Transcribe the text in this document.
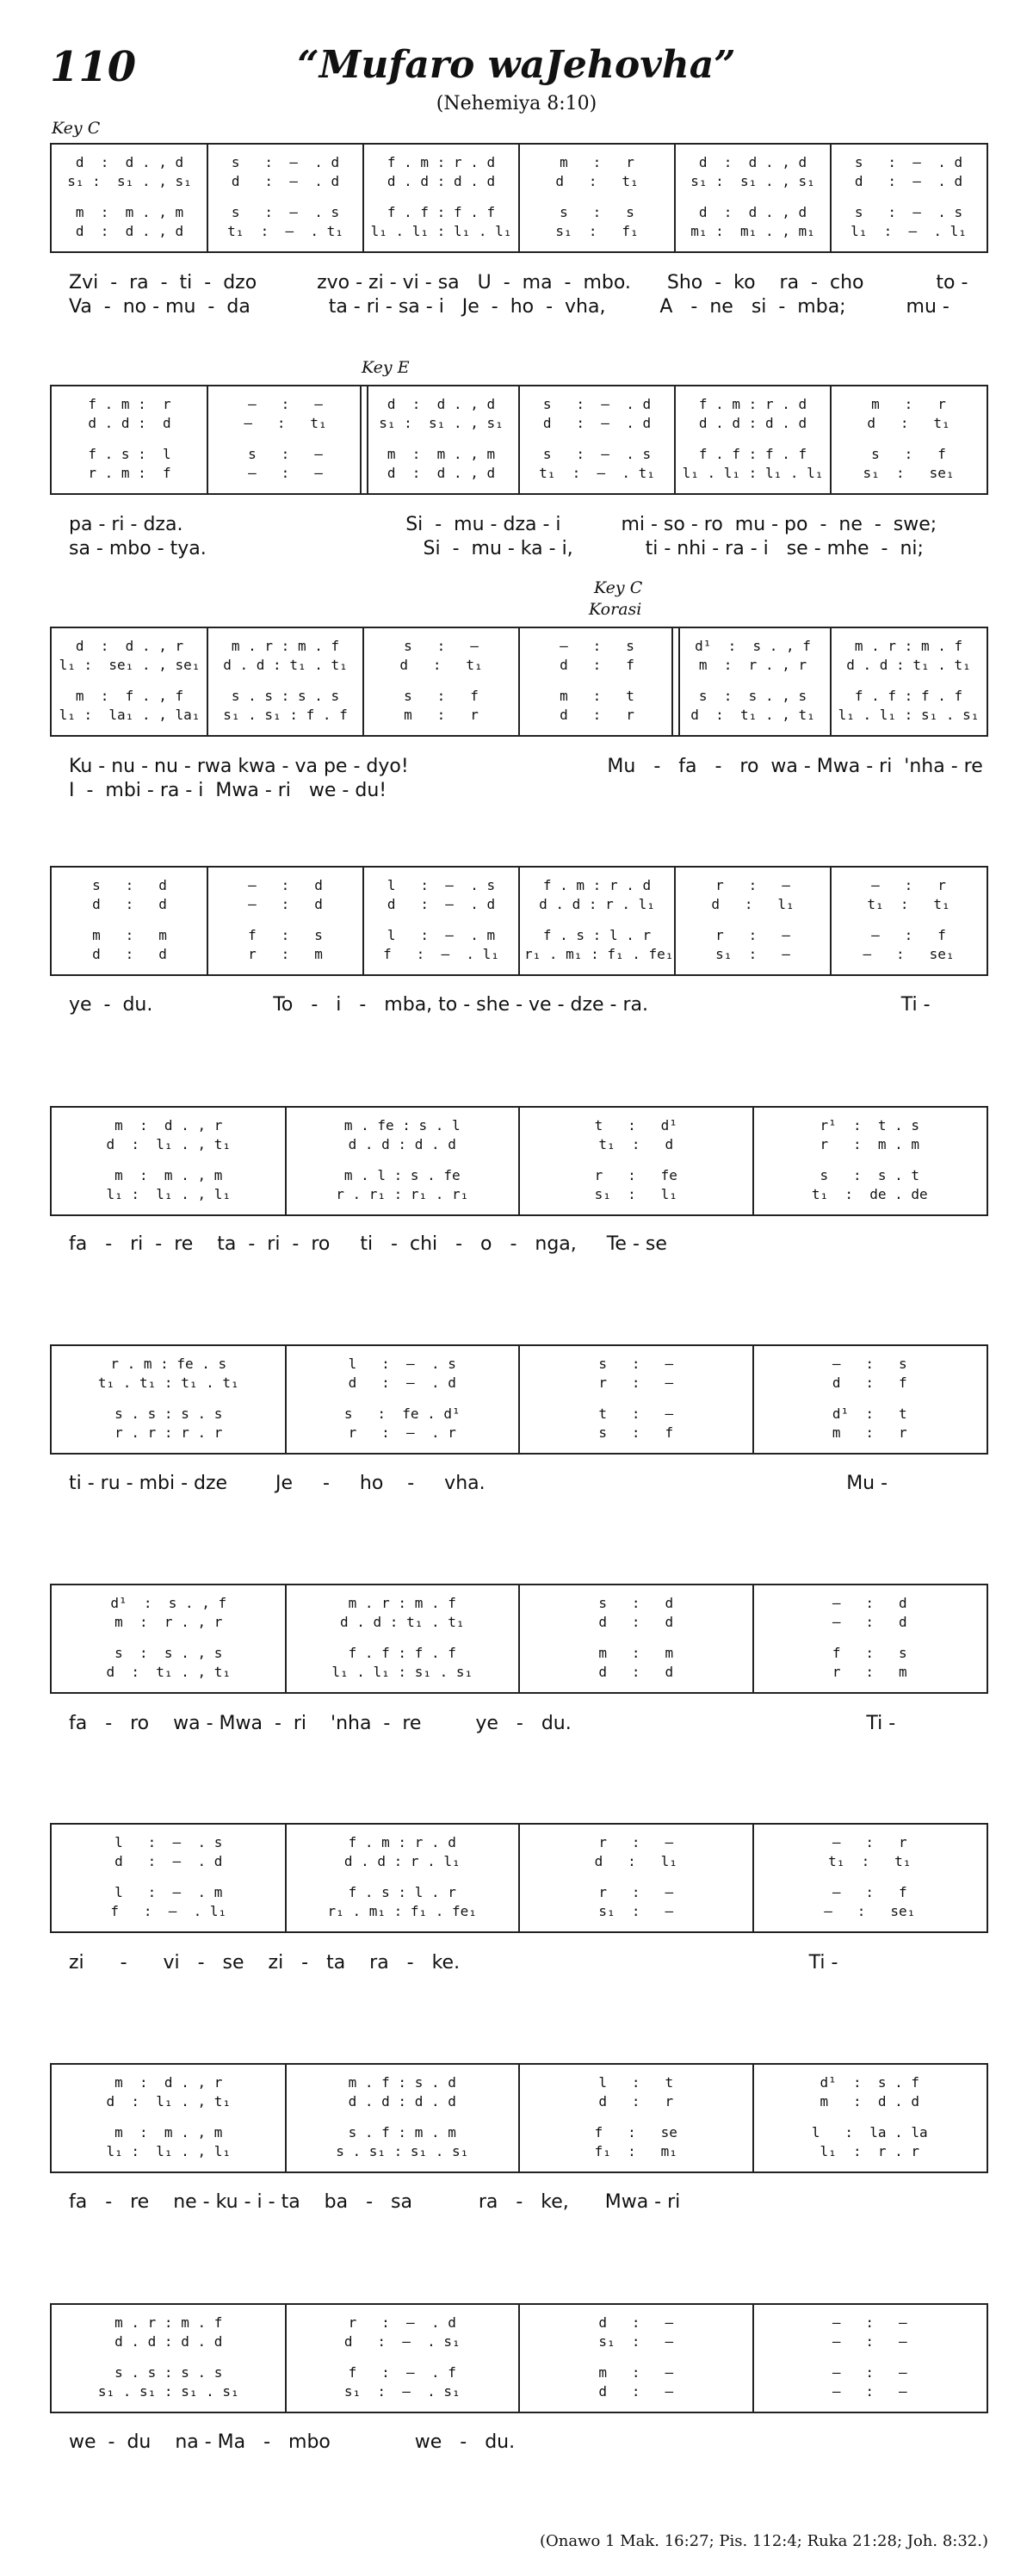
110	“Mufaro waJehovha”
(Nehemiya 8:10)
Key C
Key E
Key C
Korasi
d  :  d . , d
s₁ :  s₁ . , s₁
m  :  m . , m
d  :  d . , d
s   :  –  . d
d   :  –  . d
s   :  –  . s
t₁  :  –  . t₁
f . m : r . d
d . d : d . d
f . f : f . f
l₁ . l₁ : l₁ . l₁
m   :   r
d   :   t₁
s   :   s
s₁  :   f₁
d  :  d . , d
s₁ :  s₁ . , s₁
d  :  d . , d
m₁ :  m₁ . , m₁
s   :  –  . d
d   :  –  . d
s   :  –  . s
l₁  :  –  . l₁
Zvi  -  ra  -  ti  -  dzo          zvo - zi - vi - sa   U  -  ma  -  mbo.      Sho  -  ko    ra  -  cho            to -
Va  -  no - mu  -  da             ta - ri - sa - i   Je  -  ho  -  vha,         A   -  ne   si  -  mba;          mu -
f . m :  r
d . d :  d
f . s :  l
r . m :  f
—   :   —
—   :   t₁
s   :   —
—   :   —
d  :  d . , d
s₁ :  s₁ . , s₁
m  :  m . , m
d  :  d . , d
s   :  –  . d
d   :  –  . d
s   :  –  . s
t₁  :  –  . t₁
f . m : r . d
d . d : d . d
f . f : f . f
l₁ . l₁ : l₁ . l₁
m   :   r
d   :   t₁
s   :   f
s₁  :   se₁
pa - ri - dza.                                     Si  -  mu - dza - i          mi - so - ro  mu - po  -  ne  -  swe;
sa - mbo - tya.                                    Si  -  mu - ka - i,            ti - nhi - ra - i   se - mhe  -  ni;
d  :  d . , r
l₁ :  se₁ . , se₁
m  :  f . , f
l₁ :  la₁ . , la₁
m . r : m . f
d . d : t₁ . t₁
s . s : s . s
s₁ . s₁ : f . f
s   :   —
d   :   t₁
s   :   f
m   :   r
—   :   s
d   :   f
m   :   t
d   :   r
d¹  :  s . , f
m  :  r . , r
s  :  s . , s
d  :  t₁ . , t₁
m . r : m . f
d . d : t₁ . t₁
f . f : f . f
l₁ . l₁ : s₁ . s₁
Ku - nu - nu - rwa kwa - va pe - dyo!                                 Mu   -   fa   -   ro  wa - Mwa - ri  'nha - re
I  -  mbi - ra - i  Mwa - ri   we - du!
s   :   d
d   :   d
m   :   m
d   :   d
—   :   d
—   :   d
f   :   s
r   :   m
l   :  –  . s
d   :  –  . d
l   :  –  . m
f   :  –  . l₁
f . m : r . d
d . d : r . l₁
f . s : l . r
r₁ . m₁ : f₁ . fe₁
r   :   —
d   :   l₁
r   :   —
s₁  :   —
—   :   r
t₁  :   t₁
—   :   f
—   :   se₁
ye  -  du.                    To   -   i   -   mba, to - she - ve - dze - ra.                                          Ti -
m  :  d . , r
d  :  l₁ . , t₁
m  :  m . , m
l₁ :  l₁ . , l₁
m . fe : s . l
d . d : d . d
m . l : s . fe
r . r₁ : r₁ . r₁
t   :   d¹
t₁  :   d
r   :   fe
s₁  :   l₁
r¹  :  t . s
r   :  m . m
s   :  s . t
t₁  :  de . de
fa   -   ri  -  re    ta  -  ri  -  ro     ti   -  chi   -   o   -   nga,     Te - se
r . m : fe . s
t₁ . t₁ : t₁ . t₁
s . s : s . s
r . r : r . r
l   :  –  . s
d   :  –  . d
s   :  fe . d¹
r   :  –  . r
s   :   —
r   :   —
t   :   —
s   :   f
—   :   s
d   :   f
d¹  :   t
m   :   r
ti - ru - mbi - dze        Je     -     ho    -     vha.                                                            Mu -
d¹  :  s . , f
m  :  r . , r
s  :  s . , s
d  :  t₁ . , t₁
m . r : m . f
d . d : t₁ . t₁
f . f : f . f
l₁ . l₁ : s₁ . s₁
s   :   d
d   :   d
m   :   m
d   :   d
—   :   d
—   :   d
f   :   s
r   :   m
fa   -   ro    wa - Mwa  -  ri    'nha  -  re         ye   -   du.                                                 Ti -
l   :  –  . s
d   :  –  . d
l   :  –  . m
f   :  –  . l₁
f . m : r . d
d . d : r . l₁
f . s : l . r
r₁ . m₁ : f₁ . fe₁
r   :   —
d   :   l₁
r   :   —
s₁  :   —
—   :   r
t₁  :   t₁
—   :   f
—   :   se₁
zi      -      vi   -   se    zi   -   ta    ra   -   ke.                                                          Ti -
m  :  d . , r
d  :  l₁ . , t₁
m  :  m . , m
l₁ :  l₁ . , l₁
m . f : s . d
d . d : d . d
s . f : m . m
s . s₁ : s₁ . s₁
l   :   t
d   :   r
f   :   se
f₁  :   m₁
d¹  :  s . f
m   :  d . d
l   :  la . la
l₁  :  r . r
fa   -   re    ne - ku - i - ta    ba   -   sa           ra   -   ke,      Mwa - ri
m . r : m . f
d . d : d . d
s . s : s . s
s₁ . s₁ : s₁ . s₁
r   :  –  . d
d   :  –  . s₁
f   :  –  . f
s₁  :  –  . s₁
d   :   —
s₁  :   —
m   :   —
d   :   —
—   :   —
—   :   —
—   :   —
—   :   —
we  -  du    na - Ma   -   mbo              we   -   du.
(Onawo 1 Mak. 16:27; Pis. 112:4; Ruka 21:28; Joh. 8:32.)
